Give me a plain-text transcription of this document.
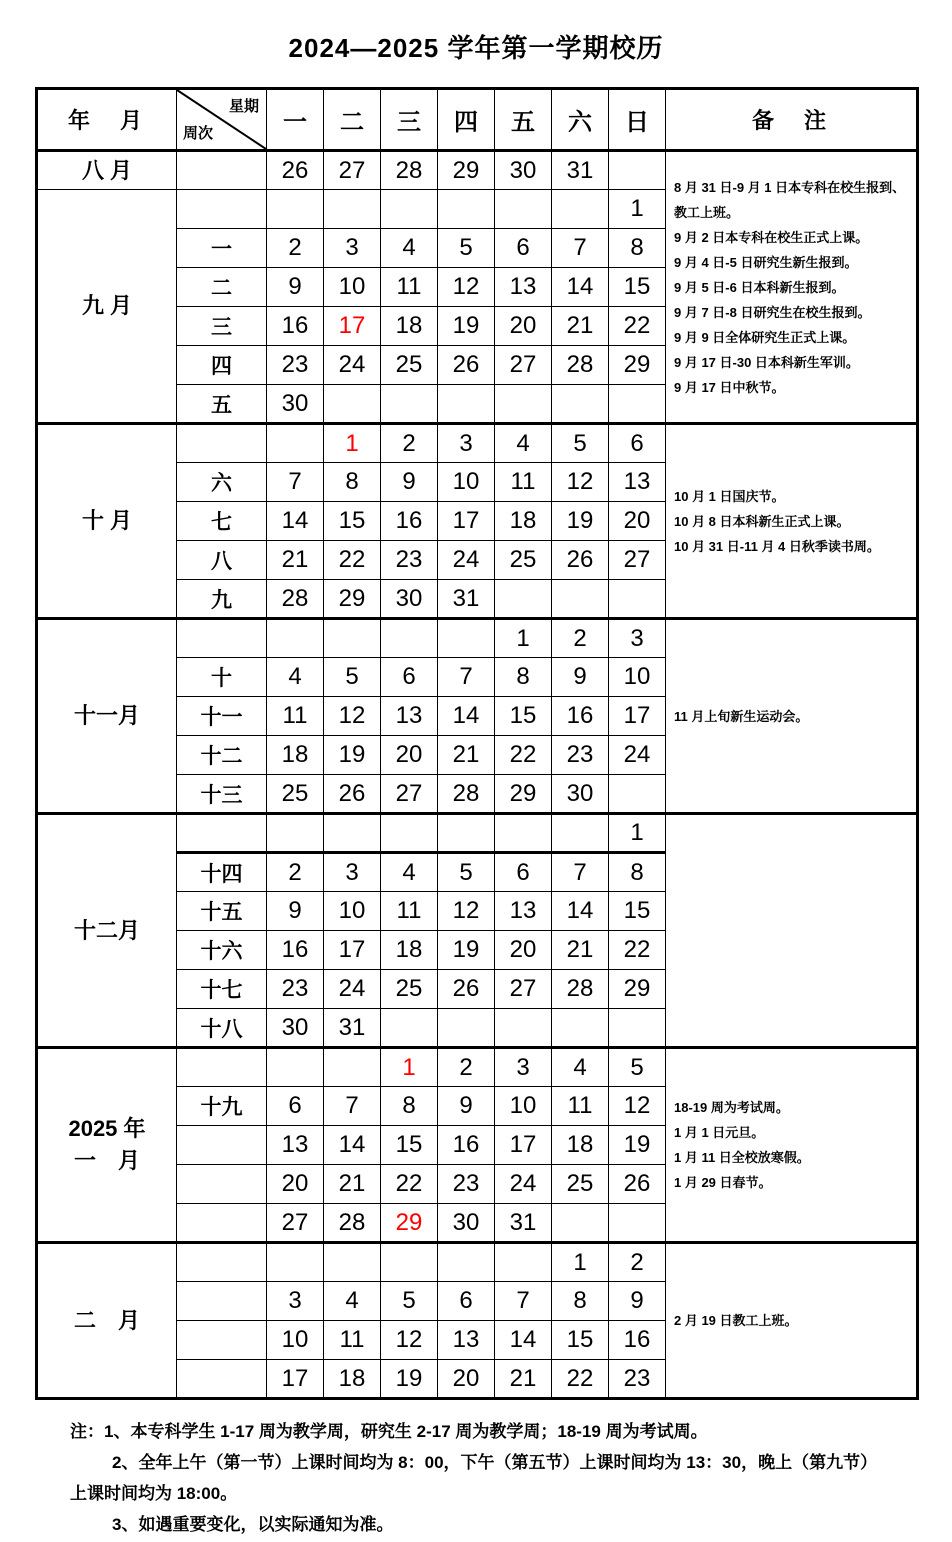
2024—2025 学年第一学期校历
年　月	星期
周次	一	二	三	四	五	六	日	备　注
八 月		26	27	28	29	30	31		
8 月 31 日-9 月 1 日本专科在校生报到、
教工上班。
9 月 2 日本专科在校生正式上课。
9 月 4 日-5 日研究生新生报到。
9 月 5 日-6 日本科新生报到。
9 月 7 日-8 日研究生在校生报到。
9 月 9 日全体研究生正式上课。
9 月 17 日-30 日本科新生军训。
9 月 17 日中秋节。

九 月								1	
	一	2	3	4	5	6	7	8	
	二	9	10	11	12	13	14	15	
	三	16	17	18	19	20	21	22	
	四	23	24	25	26	27	28	29	
	五	30							
十 月			1	2	3	4	5	6	10 月 1 日国庆节。
10 月 8 日本科新生正式上课。
10 月 31 日-11 月 4 日秋季读书周。

	六	7	8	9	10	11	12	13	
	七	14	15	16	17	18	19	20	
	八	21	22	23	24	25	26	27	
	九	28	29	30	31				
十一月						1	2	3	11 月上旬新生运动会。

	十	4	5	6	7	8	9	10	
	十一	11	12	13	14	15	16	17	
	十二	18	19	20	21	22	23	24	
	十三	25	26	27	28	29	30		
十二月								1	
	十四	2	3	4	5	6	7	8	
	十五	9	10	11	12	13	14	15	
	十六	16	17	18	19	20	21	22	
	十七	23	24	25	26	27	28	29	
	十八	30	31						
2025 年
一　月				1	2	3	4	5	
18-19 周为考试周。
1 月 1 日元旦。
1 月 11 日全校放寒假。
1 月 29 日春节。

	十九	6	7	8	9	10	11	12	
		13	14	15	16	17	18	19	
		20	21	22	23	24	25	26	
		27	28	29	30	31			
二　月							1	2	2 月 19 日教工上班。

		3	4	5	6	7	8	9	
		10	11	12	13	14	15	16	
		17	18	19	20	21	22	23	
注：1、本专科学生 1-17 周为教学周，研究生 2-17 周为教学周；18-19 周为考试周。
2、全年上午（第一节）上课时间均为 8：00，下午（第五节）上课时间均为 13：30，晚上（第九节）
上课时间均为 18:00。
3、如遇重要变化，以实际通知为准。
